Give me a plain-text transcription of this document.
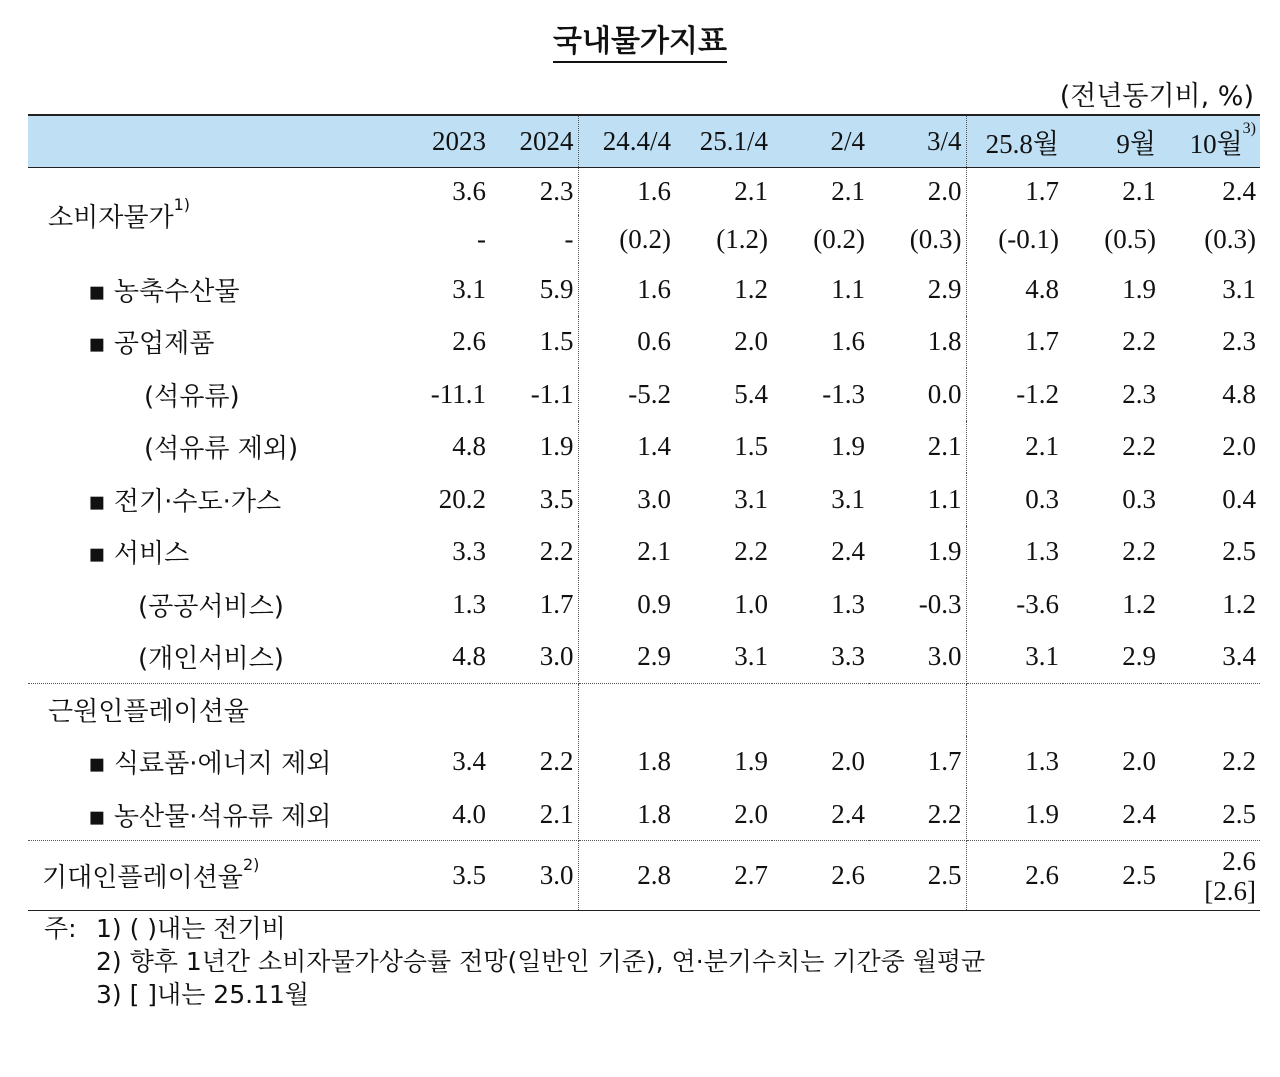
국내물가지표
(전년동기비, %)
	2023	2024	24.4/4	25.1/4	2/4	3/4	25.8월	9월	10월$^{3)}$
소비자물가$^{1)}$	3.6	2.3	1.6	2.1	2.1	2.0	1.7	2.1	2.4
	-	-	(0.2)	(1.2)	(0.2)	(0.3)	(-0.1)	(0.5)	(0.3)
▪ 농축수산물	3.1	5.9	1.6	1.2	1.1	2.9	4.8	1.9	3.1
▪ 공업제품	2.6	1.5	0.6	2.0	1.6	1.8	1.7	2.2	2.3
(석유류)	-11.1	-1.1	-5.2	5.4	-1.3	0.0	-1.2	2.3	4.8
(석유류 제외)	4.8	1.9	1.4	1.5	1.9	2.1	2.1	2.2	2.0
▪ 전기·수도·가스	20.2	3.5	3.0	3.1	3.1	1.1	0.3	0.3	0.4
▪ 서비스	3.3	2.2	2.1	2.2	2.4	1.9	1.3	2.2	2.5
(공공서비스)	1.3	1.7	0.9	1.0	1.3	-0.3	-3.6	1.2	1.2
(개인서비스)	4.8	3.0	2.9	3.1	3.3	3.0	3.1	2.9	3.4
근원인플레이션율									
▪ 식료품·에너지 제외	3.4	2.2	1.8	1.9	2.0	1.7	1.3	2.0	2.2
▪ 농산물·석유류 제외	4.0	2.1	1.8	2.0	2.4	2.2	1.9	2.4	2.5
기대인플레이션율$^{2)}$	3.5	3.0	2.8	2.7	2.6	2.5	2.6	2.5	2.6
[2.6]
주: 1) ( )내는 전기비
2) 향후 1년간 소비자물가상승률 전망(일반인 기준), 연·분기수치는 기간중 월평균
3) [ ]내는 25.11월
